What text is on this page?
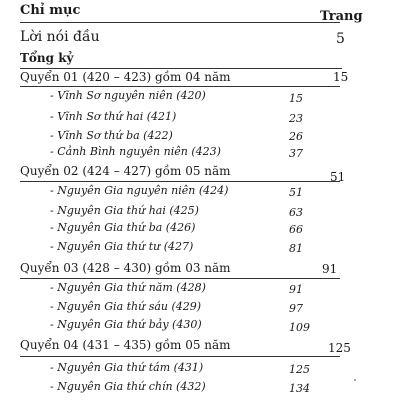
Chỉ mục	Trang
Lời nói đầu	5
Tổng kỷ
Quyển 01 (420 – 423) gồm 04 năm	15
- Vĩnh Sơ nguyên niên (420)	15
- Vĩnh Sơ thứ hai (421)	23
- Vĩnh Sơ thứ ba (422)	26
- Cảnh Bình nguyên niên (423)	37
Quyển 02 (424 – 427) gồm 05 năm	51
- Nguyên Gia nguyên niên (424)	51
- Nguyên Gia thứ hai (425)	63
- Nguyên Gia thứ ba (426)	66
- Nguyên Gia thứ tư (427)	81
Quyển 03 (428 – 430) gồm 03 năm	91
- Nguyên Gia thứ năm (428)	91
- Nguyên Gia thứ sáu (429)	97
- Nguyên Gia thứ bảy (430)	109
Quyển 04 (431 – 435) gồm 05 năm	125
- Nguyên Gia thứ tám (431)	125
- Nguyên Gia thứ chín (432)	134
